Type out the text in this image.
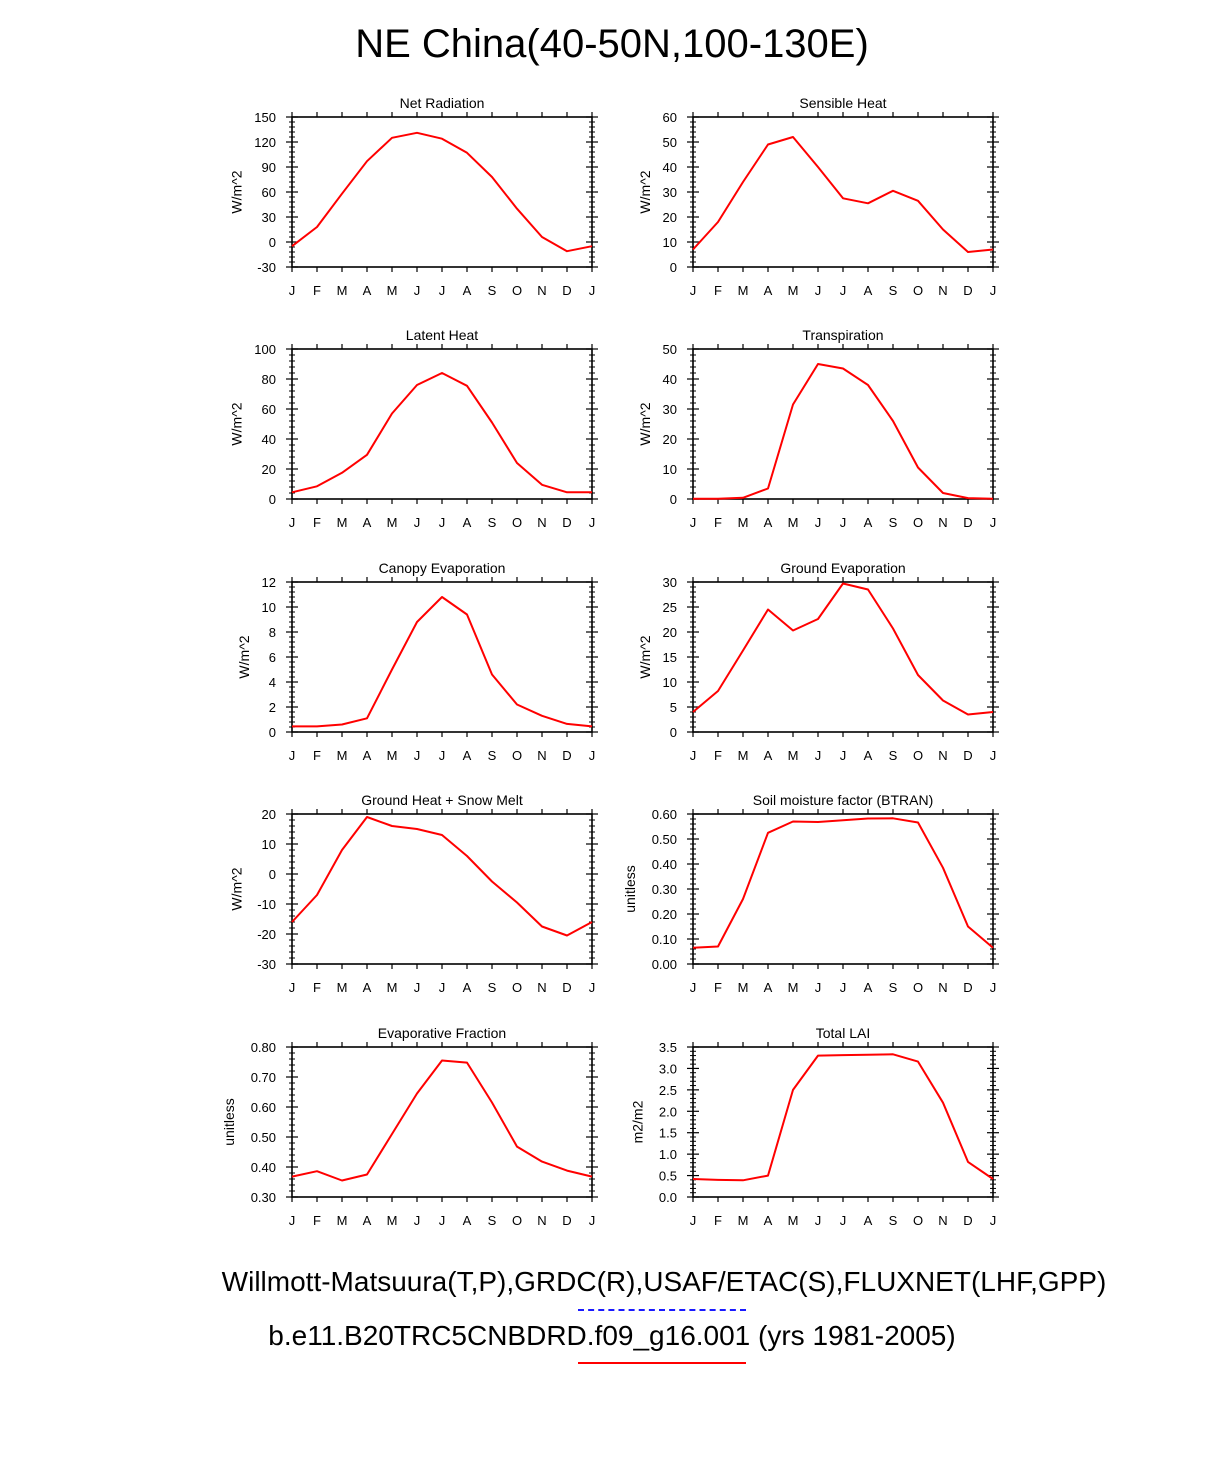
NE China(40-50N,100-130E)
Net Radiation
J F M A M J J A S O N D J
-30
0
30
60
90
120
150
W/m^2
Sensible Heat
J F M A M J J A S O N D J
0
10
20
30
40
50
60
W/m^2
Latent Heat
J F M A M J J A S O N D J
0
20
40
60
80
100
W/m^2
Transpiration
J F M A M J J A S O N D J
0
10
20
30
40
50
W/m^2
Canopy Evaporation
J F M A M J J A S O N D J
0
2
4
6
8
10
12
W/m^2
Ground Evaporation
J F M A M J J A S O N D J
0
5
10
15
20
25
30
W/m^2
Ground Heat + Snow Melt
J F M A M J J A S O N D J
-30
-20
-10
0
10
20
W/m^2
Soil moisture factor (BTRAN)
J F M A M J J A S O N D J
0.00
0.10
0.20
0.30
0.40
0.50
0.60
unitless
Evaporative Fraction
J F M A M J J A S O N D J
0.30
0.40
0.50
0.60
0.70
0.80
unitless
Total LAI
J F M A M J J A S O N D J
0.0
0.5
1.0
1.5
2.0
2.5
3.0
3.5
m2/m2
Willmott-Matsuura(T,P),GRDC(R),USAF/ETAC(S),FLUXNET(LHF,GPP)
b.e11.B20TRC5CNBDRD.f09_g16.001 (yrs 1981-2005)
